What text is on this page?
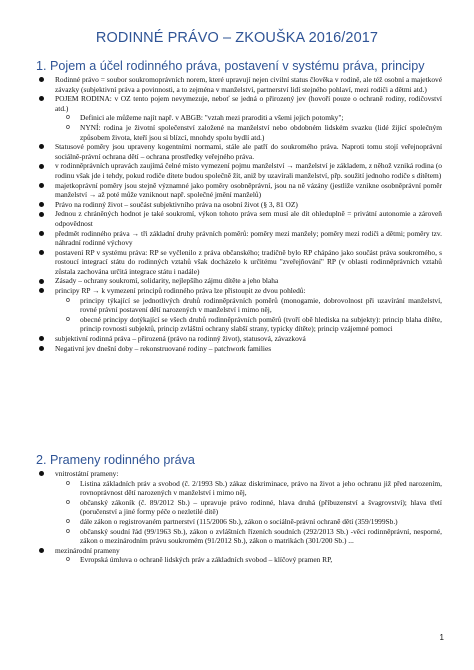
RODINNÉ PRÁVO – ZKOUŠKA 2016/2017
1. Pojem a účel rodinného práva, postavení v systému práva, principy
Rodinné právo = soubor soukromoprávních norem, které upravují nejen civilní status člověka v rodině, ale též osobní a majetkové závazky (subjektivní práva a povinnosti, a to zejména v manželství, partnerství lidí stejného pohlaví, mezi rodiči a dětmi atd.)
POJEM RODINA: v OZ tento pojem nevymezuje, neboť se jedná o přirozený jev (hovoří pouze o ochraně rodiny, rodičovství atd.)
o Definici ale můžeme najít např. v ABGB: "vztah mezi praroditi a všemi jejich potomky";
o NYNÍ: rodina je životní společenství založené na manželství nebo obdobném lidském svazku (lidé žijící společným způsobem života, kteří jsou si blízcí, mnohdy spolu bydlí atd.)
Statusové poměry jsou upraveny kogentními normami, stále ale patří do soukromého práva. Naproti tomu stojí veřejnoprávní sociálně-právní ochrana dětí – ochrana prostředky veřejného práva.
v rodinněprávních upravách zaujímá čelné místo vymezení pojmu manželství → manželství je základem, z něhož vzniká rodina (o rodinu však jde i tehdy, pokud rodiče dítete budou společně žít, aniž by uzavírali manželství, přp. soužití jednoho rodiče s dítětem)
majetkoprávní poměry jsou stejně významné jako poměry osobněprávní, jsou na ně vázány (jestliže vznikne osobněprávní poměr manželství → až poté může vzniknout např. společné jmění manželů)
Právo na rodinný život – součást subjektivního práva na osobní život (§ 3, 81 OZ)
Jednou z chráněných hodnot je také soukromí, výkon tohoto práva sem musí ale dít ohleduplně = privátní autonomie a zároveň odpovědnost
předmět rodinného práva → tři základní druhy právních poměrů: poměry mezi manžely; poměry mezi rodiči a dětmi; poměry tzv. náhradní rodinné výchovy
postavení RP v systému práva: RP se vyčlenilo z práva občanského; tradičně bylo RP chápáno jako součást práva soukromého, s rostoucí integrací státu do rodinných vztahů však docházelo k určitému "zveřejňování" RP (v oblasti rodinněprávních vztahů zůstala zachována určitá integrace státu i nadále)
Zásady – ochrany soukromí, solidarity, nejlepšího zájmu dítěte a jeho blaha
principy RP → k vymezení principů rodinného práva lze přistoupit ze dvou pohledů:
o principy týkající se jednotlivých druhů rodinněprávních poměrů (monogamie, dobrovolnost při uzavírání manželství, rovné právní postavení dětí narozených v manželství i mimo něj,
o obecné principy dotýkající se všech druhů rodinněprávních poměrů (tvoří obě hlediska na subjekty): princip blaha dítěte, princip rovnosti subjektů, princip zvláštní ochrany slabší strany, typicky dítěte); princip vzájemné pomoci
subjektivní rodinná práva – přirozená (právo na rodinný život), statusová, závazková
Negativní jev dnešní doby – rekonstruované rodiny – patchwork families
2. Prameny rodinného práva
vnitrostátní prameny:
o Listina základních práv a svobod (č. 2/1993 Sb.) zákaz diskriminace, právo na život a jeho ochranu již před narozením, rovnoprávnost dětí narozených v manželství i mimo něj,
o občanský zákoník (č. 89/2012 Sb.) – upravuje právo rodinné, hlava druhá (příbuzenství a švagrovství); hlava třetí (poručenství a jiné formy péče o nezletilé dítě)
o dále zákon o registrovaném partnerství (115/2006 Sb.), zákon o sociálně-právní ochraně dětí (359/1999Sb.)
o občanský soudní řád (99/1963 Sb.), zákon o zvláštních řízeních soudních (292/2013 Sb.) -věci rodinněprávní, nesporné, zákon o mezinárodním právu soukromém (91/2012 Sb.), zákon o matrikách (301/200 Sb.) ...
mezinárodní prameny
o Evropská úmluva o ochraně lidských práv a základních svobod – klíčový pramen RP,
1
